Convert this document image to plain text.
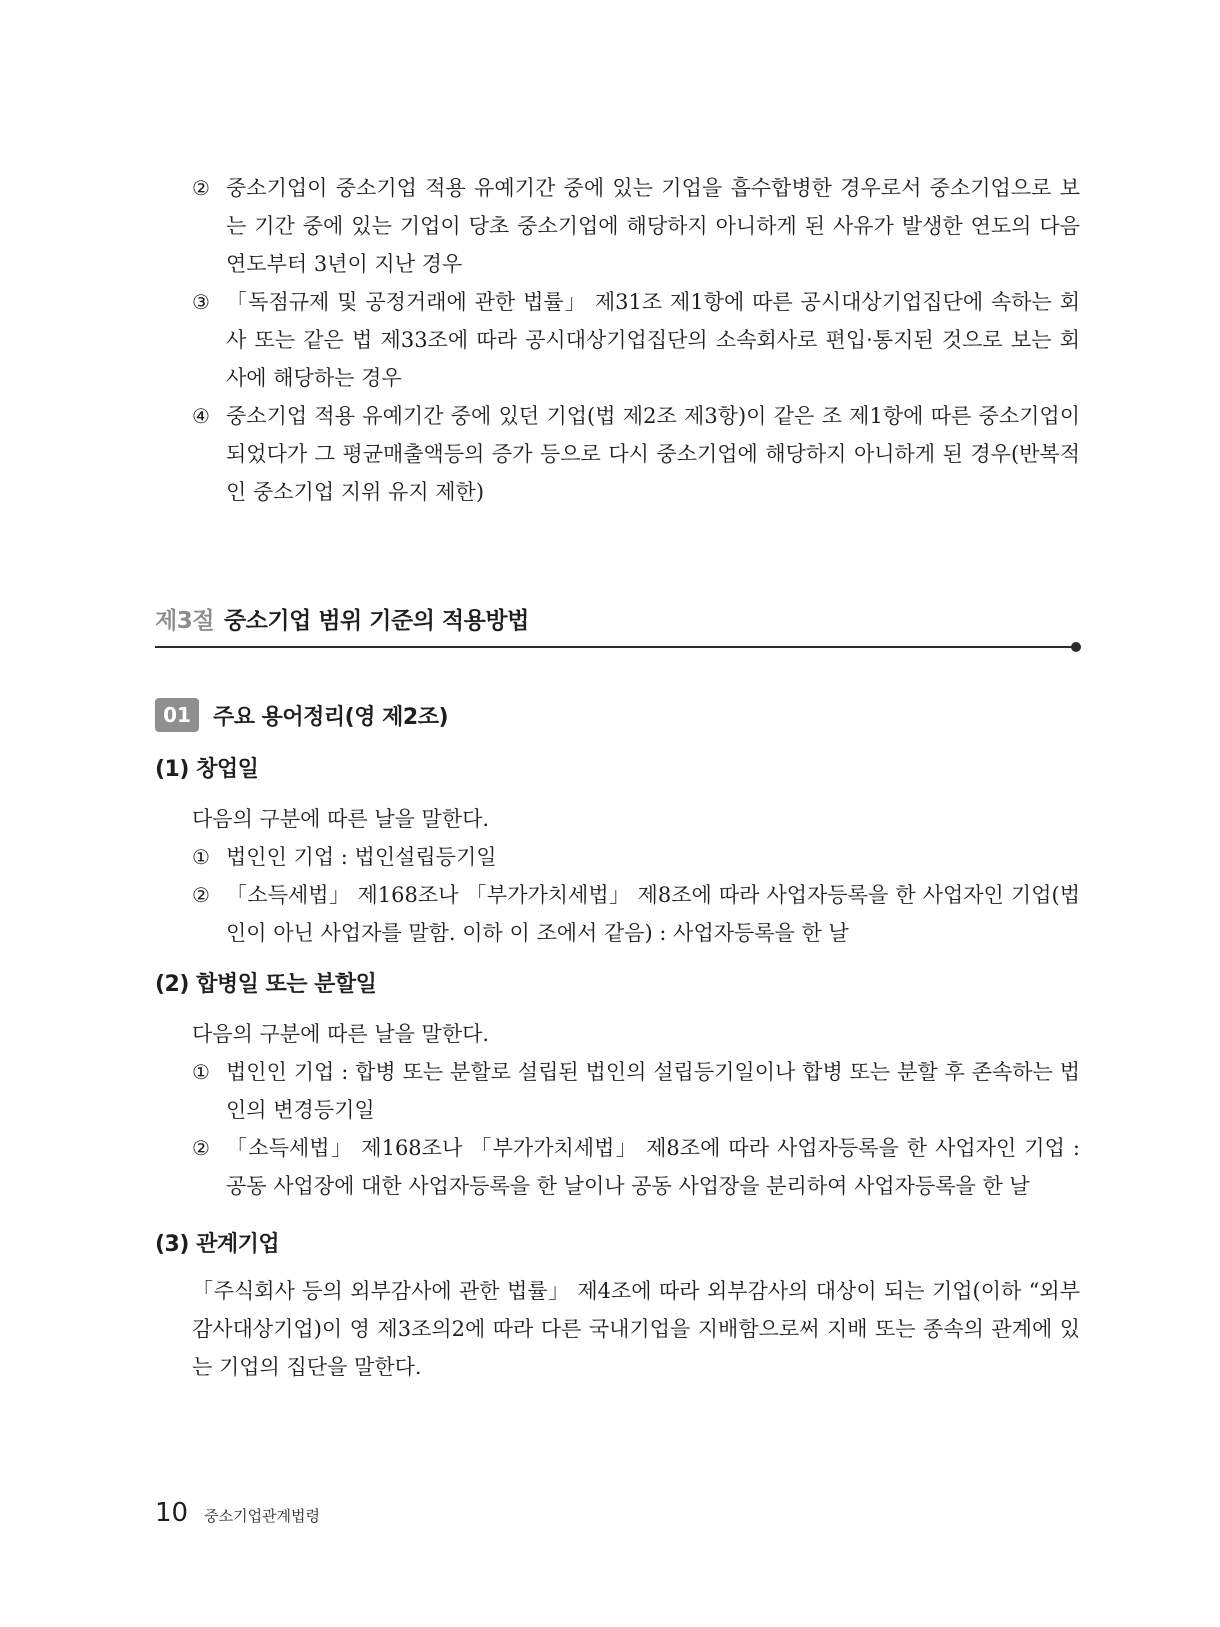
② 중소기업이 중소기업 적용 유예기간 중에 있는 기업을 흡수합병한 경우로서 중소기업으로 보는 기간 중에 있는 기업이 당초 중소기업에 해당하지 아니하게 된 사유가 발생한 연도의 다음 연도부터 3년이 지난 경우
③ 「독점규제 및 공정거래에 관한 법률」 제31조 제1항에 따른 공시대상기업집단에 속하는 회사 또는 같은 법 제33조에 따라 공시대상기업집단의 소속회사로 편입·통지된 것으로 보는 회사에 해당하는 경우
④ 중소기업 적용 유예기간 중에 있던 기업(법 제2조 제3항)이 같은 조 제1항에 따른 중소기업이 되었다가 그 평균매출액등의 증가 등으로 다시 중소기업에 해당하지 아니하게 된 경우(반복적인 중소기업 지위 유지 제한)
제3절 중소기업 범위 기준의 적용방법
01	주요 용어정리(영 제2조)
(1) 창업일

다음의 구분에 따른 날을 말한다.

① 법인인 기업 : 법인설립등기일
② 「소득세법」 제168조나 「부가가치세법」 제8조에 따라 사업자등록을 한 사업자인 기업(법인이 아닌 사업자를 말함. 이하 이 조에서 같음) : 사업자등록을 한 날
(2) 합병일 또는 분할일

다음의 구분에 따른 날을 말한다.

① 법인인 기업 : 합병 또는 분할로 설립된 법인의 설립등기일이나 합병 또는 분할 후 존속하는 법인의 변경등기일
② 「소득세법」 제168조나 「부가가치세법」 제8조에 따라 사업자등록을 한 사업자인 기업 : 공동 사업장에 대한 사업자등록을 한 날이나 공동 사업장을 분리하여 사업자등록을 한 날
(3) 관계기업

「주식회사 등의 외부감사에 관한 법률」 제4조에 따라 외부감사의 대상이 되는 기업(이하 “외부감사대상기업)이 영 제3조의2에 따라 다른 국내기업을 지배함으로써 지배 또는 종속의 관계에 있는 기업의 집단을 말한다.

10 중소기업관계법령
